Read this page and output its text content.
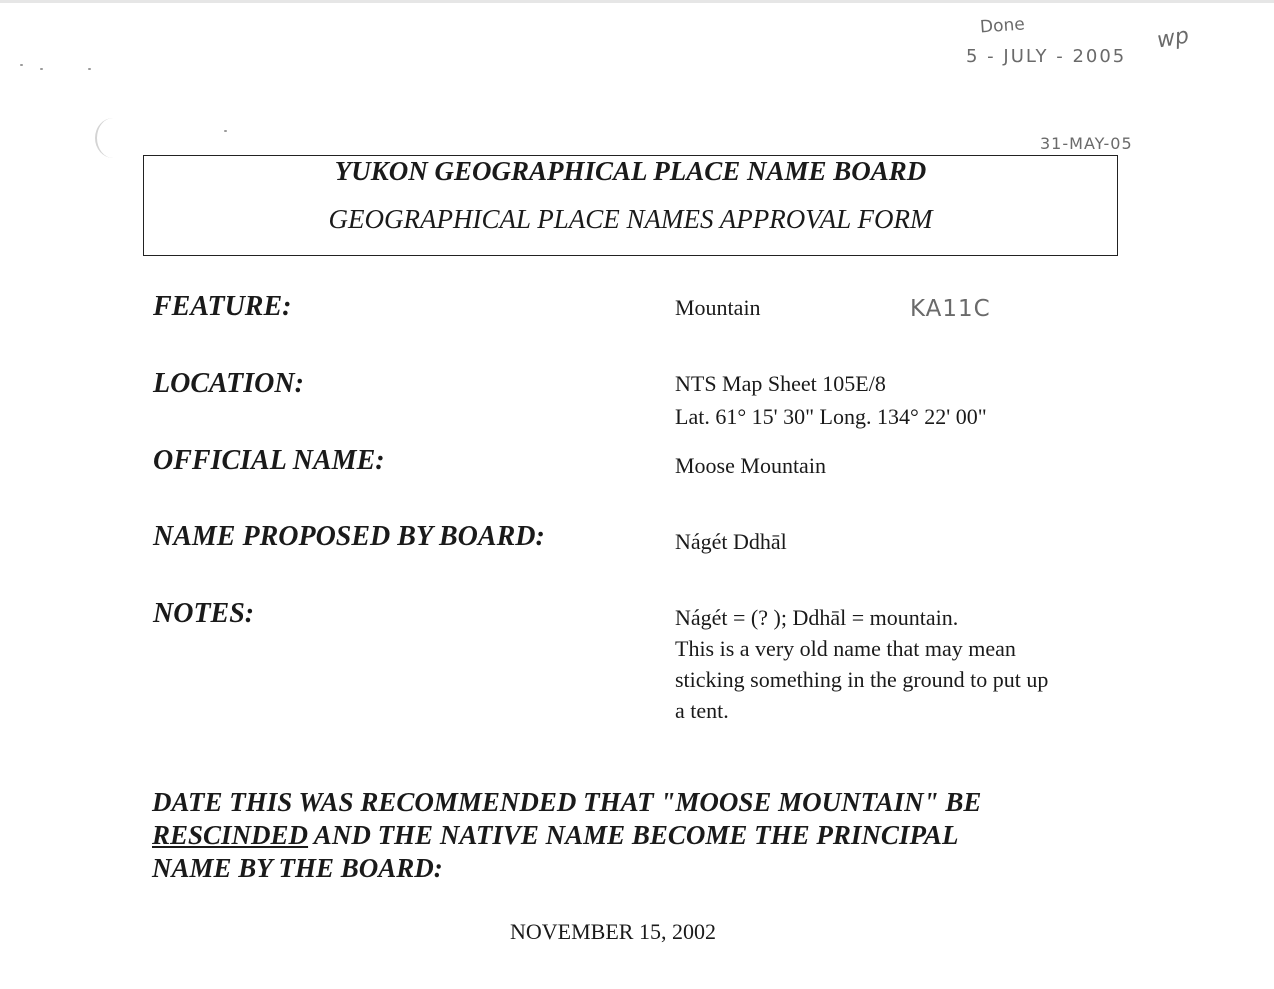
Done
5 - JULY - 2005
wp
31-MAY-05
KA11C
YUKON GEOGRAPHICAL PLACE NAME BOARD
GEOGRAPHICAL PLACE NAMES APPROVAL FORM
FEATURE:	Mountain
LOCATION:	NTS Map Sheet 105E/8
Lat. 61° 15' 30" Long. 134° 22' 00"
OFFICIAL NAME:	Moose Mountain
NAME PROPOSED BY BOARD:	Nágét Ddhāl
NOTES:	Nágét = (? ); Ddhāl = mountain.
This is a very old name that may mean
sticking something in the ground to put up
a tent.
DATE THIS WAS RECOMMENDED THAT "MOOSE MOUNTAIN" BE
RESCINDED AND THE NATIVE NAME BECOME THE PRINCIPAL
NAME BY THE BOARD:
NOVEMBER 15, 2002
